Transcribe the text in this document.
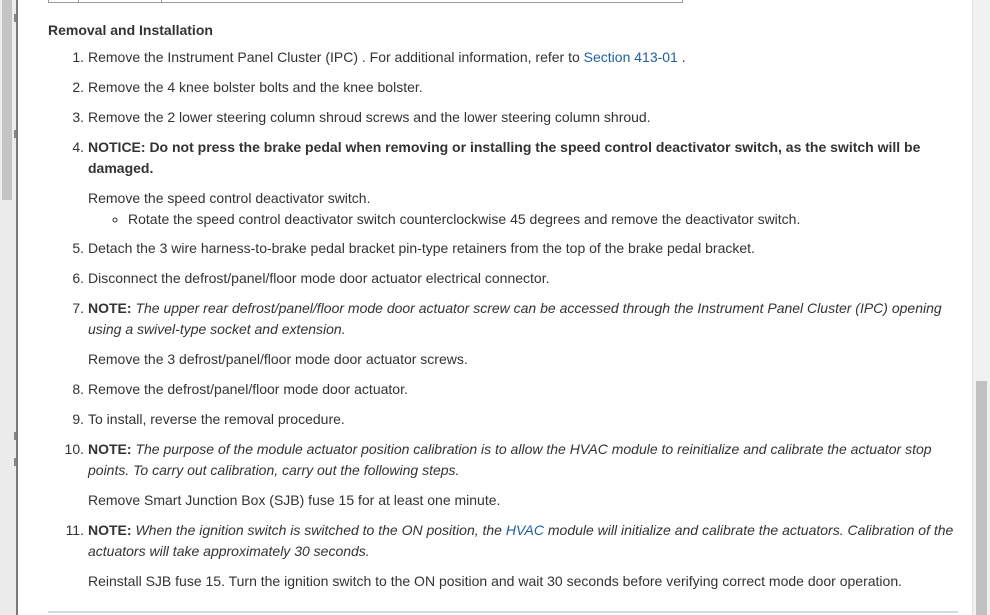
Removal and Installation
1. Remove the Instrument Panel Cluster (IPC) . For additional information, refer to Section 413-01 .
2. Remove the 4 knee bolster bolts and the knee bolster.
3. Remove the 2 lower steering column shroud screws and the lower steering column shroud.
4. NOTICE: Do not press the brake pedal when removing or installing the speed control deactivator switch, as the switch will be damaged.
Remove the speed control deactivator switch.
◦ Rotate the speed control deactivator switch counterclockwise 45 degrees and remove the deactivator switch.
5. Detach the 3 wire harness-to-brake pedal bracket pin-type retainers from the top of the brake pedal bracket.
6. Disconnect the defrost/panel/floor mode door actuator electrical connector.
7. NOTE: The upper rear defrost/panel/floor mode door actuator screw can be accessed through the Instrument Panel Cluster (IPC) opening using a swivel-type socket and extension.
Remove the 3 defrost/panel/floor mode door actuator screws.
8. Remove the defrost/panel/floor mode door actuator.
9. To install, reverse the removal procedure.
10. NOTE: The purpose of the module actuator position calibration is to allow the HVAC module to reinitialize and calibrate the actuator stop points. To carry out calibration, carry out the following steps.
Remove Smart Junction Box (SJB) fuse 15 for at least one minute.
11. NOTE: When the ignition switch is switched to the ON position, the HVAC module will initialize and calibrate the actuators. Calibration of the actuators will take approximately 30 seconds.
Reinstall SJB fuse 15. Turn the ignition switch to the ON position and wait 30 seconds before verifying correct mode door operation.
